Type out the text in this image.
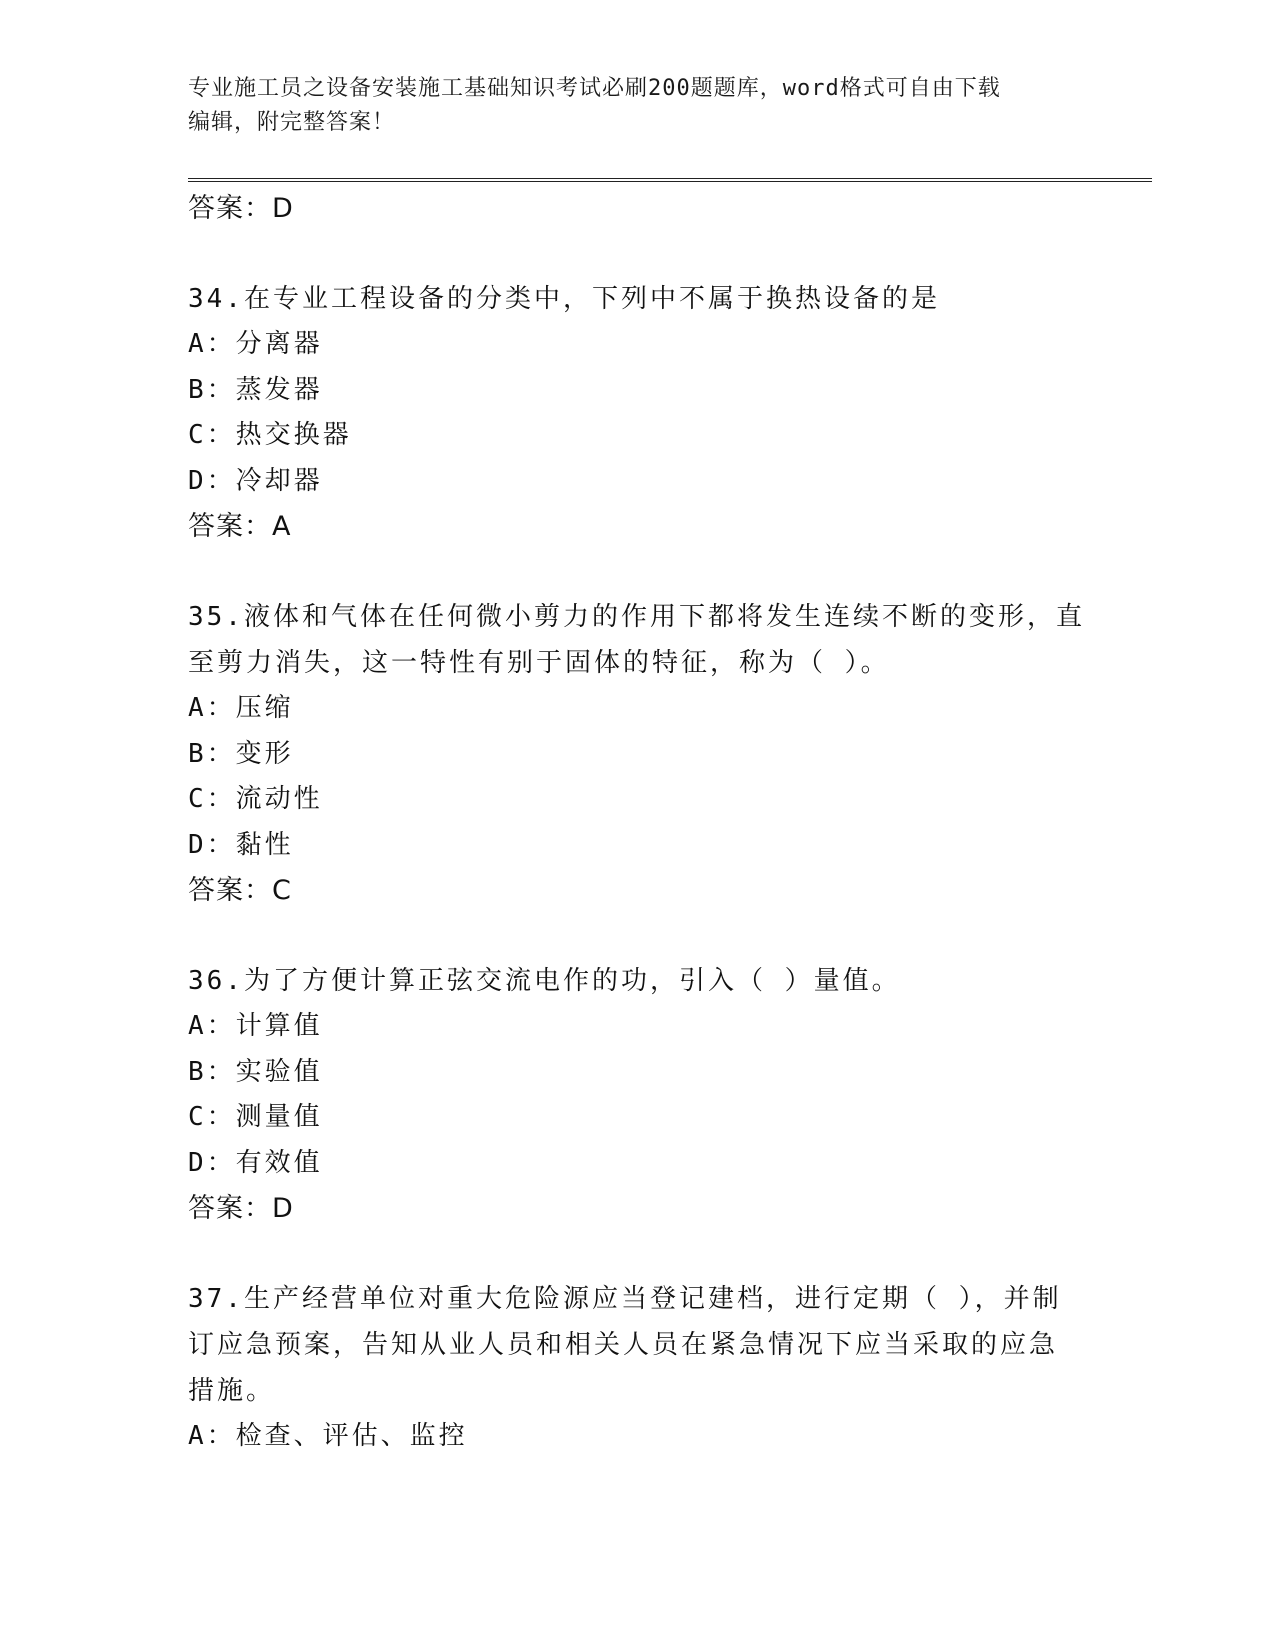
专业施工员之设备安装施工基础知识考试必刷200题题库，word格式可自由下载
编辑，附完整答案！
答案：D
34.在专业工程设备的分类中，下列中不属于换热设备的是
A：分离器
B：蒸发器
C：热交换器
D：冷却器
答案：A
35.液体和气体在任何微小剪力的作用下都将发生连续不断的变形，直
至剪力消失，这一特性有别于固体的特征，称为（ ）。
A：压缩
B：变形
C：流动性
D：黏性
答案：C
36.为了方便计算正弦交流电作的功，引入（ ）量值。
A：计算值
B：实验值
C：测量值
D：有效值
答案：D
37.生产经营单位对重大危险源应当登记建档，进行定期（ ），并制
订应急预案，告知从业人员和相关人员在紧急情况下应当采取的应急
措施。
A：检查、评估、监控
